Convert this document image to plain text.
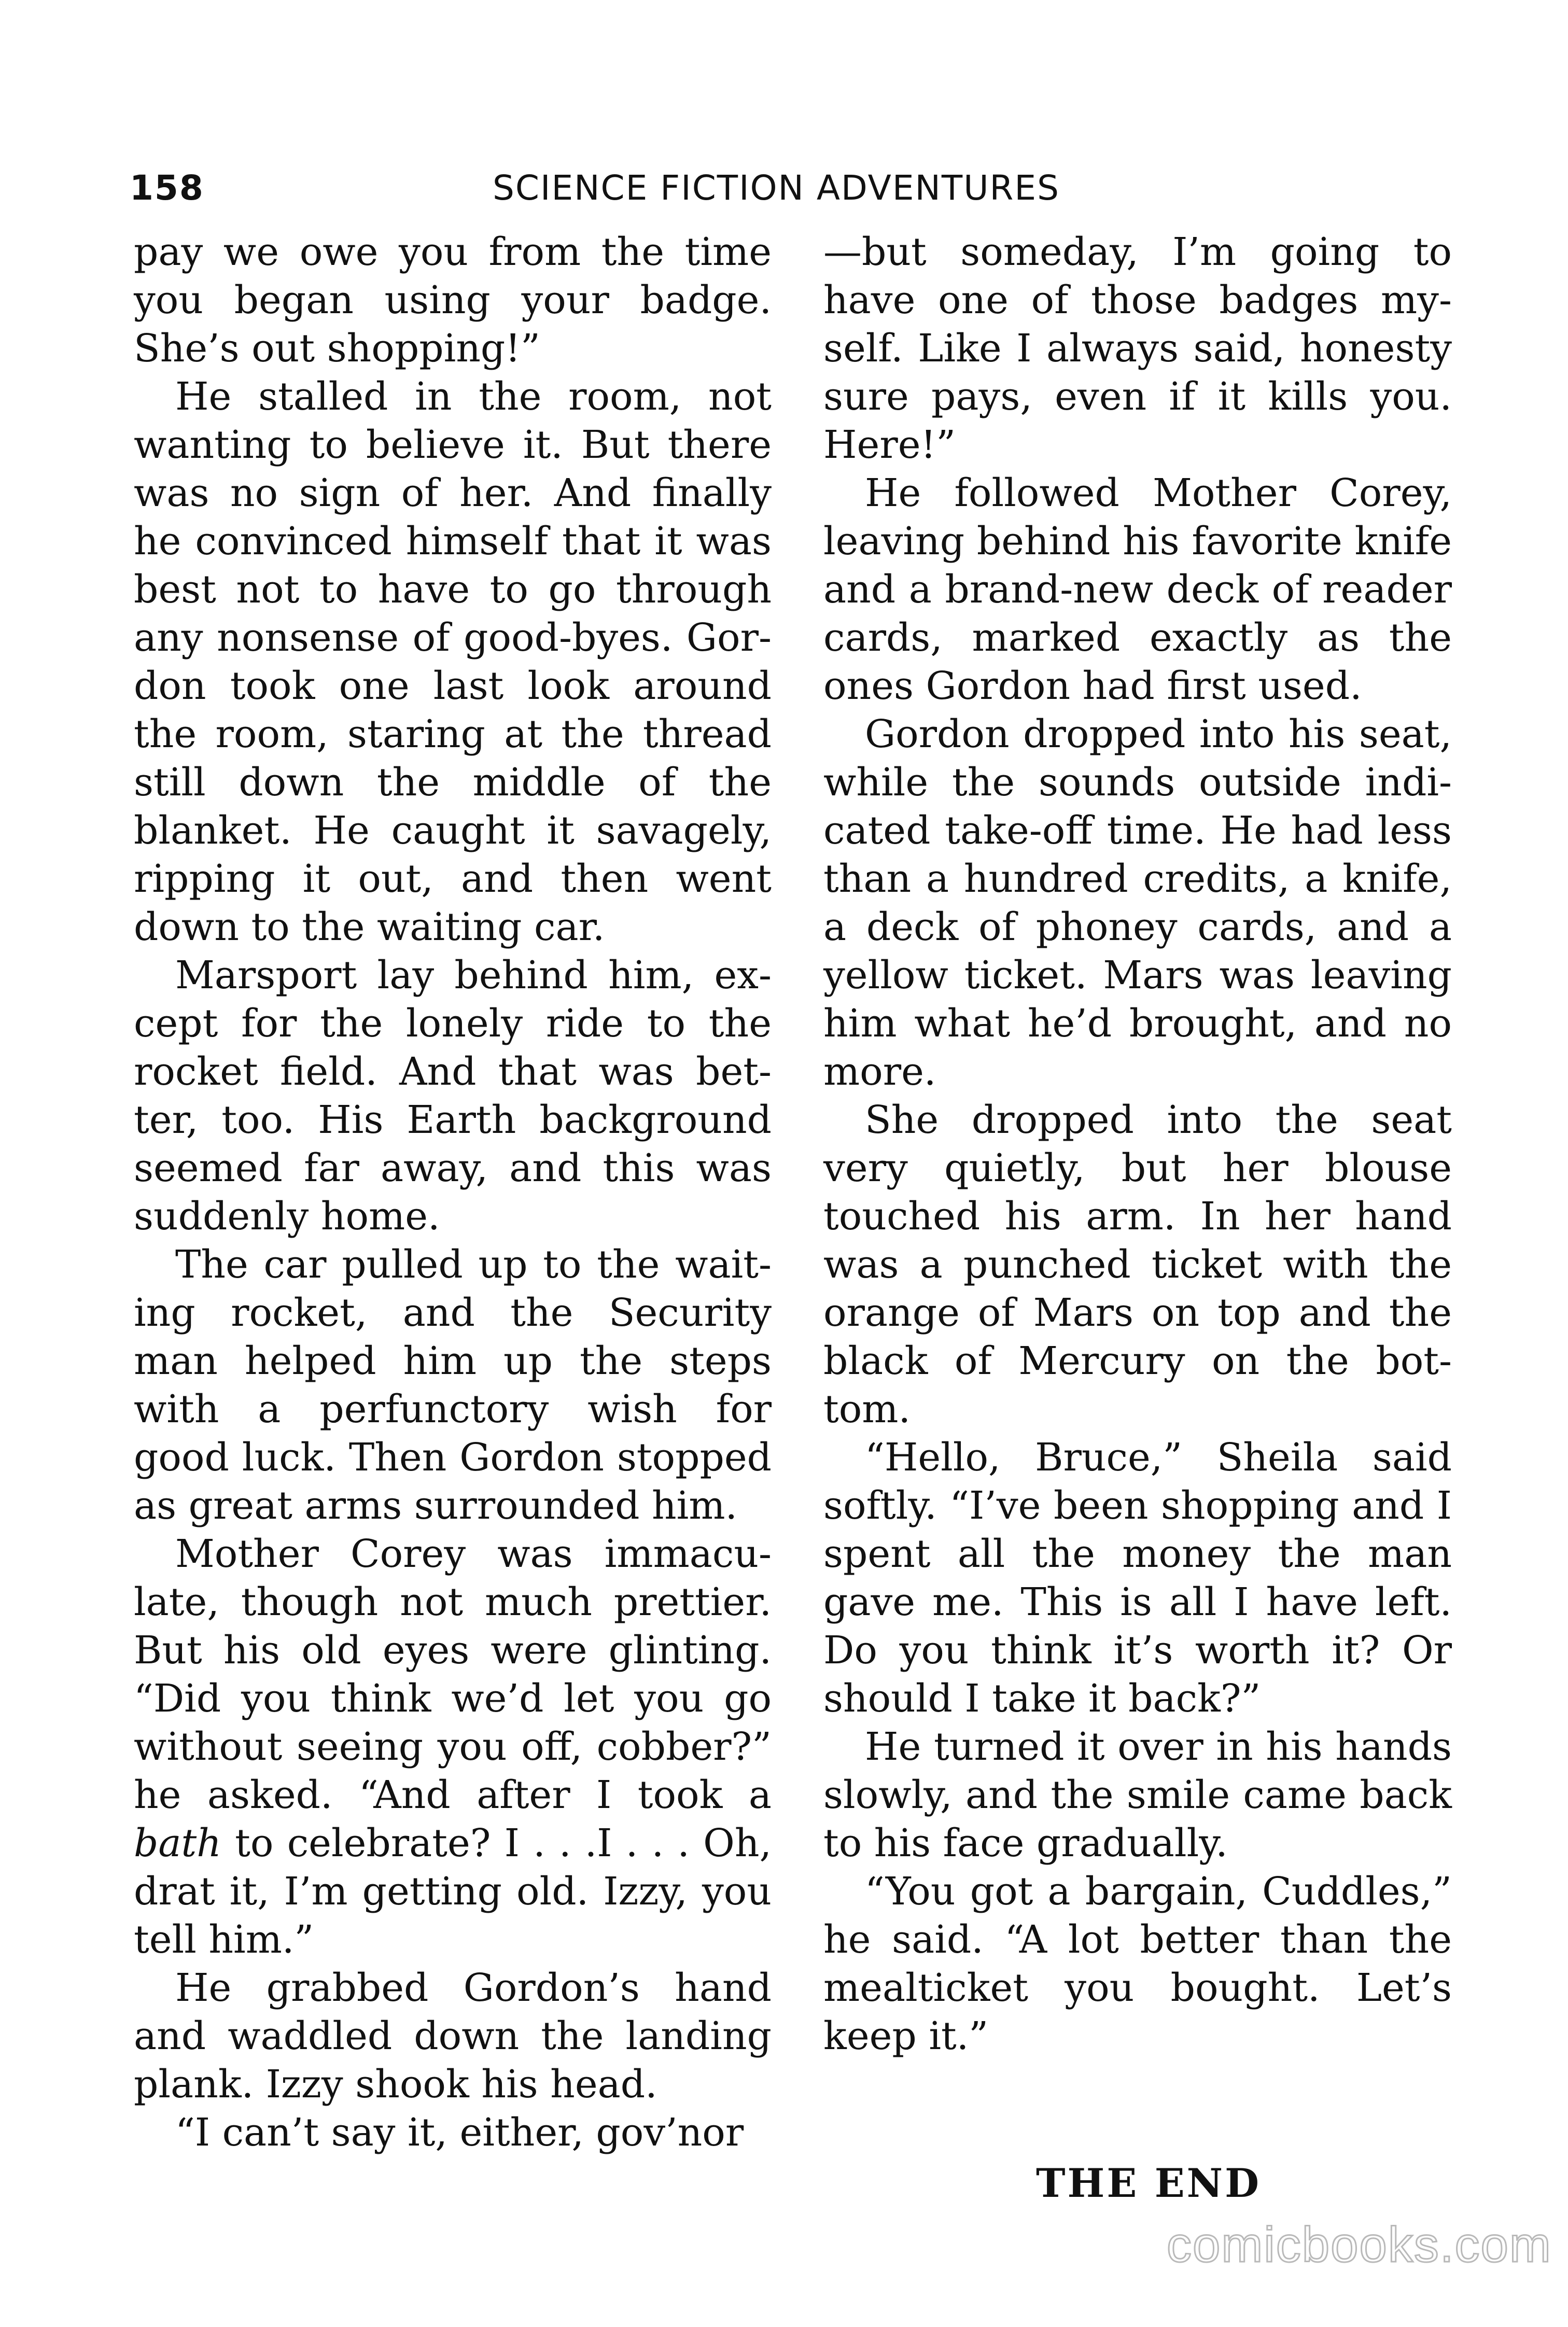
158	SCIENCE FICTION ADVENTURES

pay we owe you from the time you began using your badge. She’s out shopping!”

He stalled in the room, not wanting to believe it. But there was no sign of her. And finally he convinced himself that it was best not to have to go through any nonsense of good-byes. Gordon took one last look around the room, staring at the thread still down the middle of the blanket. He caught it savagely, ripping it out, and then went down to the waiting car.

Marsport lay behind him, except for the lonely ride to the rocket field. And that was better, too. His Earth background seemed far away, and this was suddenly home.

The car pulled up to the waiting rocket, and the Security man helped him up the steps with a perfunctory wish for good luck. Then Gordon stopped as great arms surrounded him.

Mother Corey was immaculate, though not much prettier. But his old eyes were glinting. “Did you think we’d let you go without seeing you off, cobber?” he asked. “And after I took a bath to celebrate? I . . .I . . . Oh, drat it, I’m getting old. Izzy, you tell him.”

He grabbed Gordon’s hand and waddled down the landing plank. Izzy shook his head.

“I can’t say it, either, gov’nor

—but someday, I’m going to have one of those badges myself. Like I always said, honesty sure pays, even if it kills you. Here!”

He followed Mother Corey, leaving behind his favorite knife and a brand-new deck of reader cards, marked exactly as the ones Gordon had first used.

Gordon dropped into his seat, while the sounds outside indicated take-off time. He had less than a hundred credits, a knife, a deck of phoney cards, and a yellow ticket. Mars was leaving him what he’d brought, and no more.

She dropped into the seat very quietly, but her blouse touched his arm. In her hand was a punched ticket with the orange of Mars on top and the black of Mercury on the bottom.

“Hello, Bruce,” Sheila said softly. “I’ve been shopping and I spent all the money the man gave me. This is all I have left. Do you think it’s worth it? Or should I take it back?”

He turned it over in his hands slowly, and the smile came back to his face gradually.

“You got a bargain, Cuddles,” he said. “A lot better than the mealticket you bought. Let’s keep it.”

THE END
comicbooks.com
